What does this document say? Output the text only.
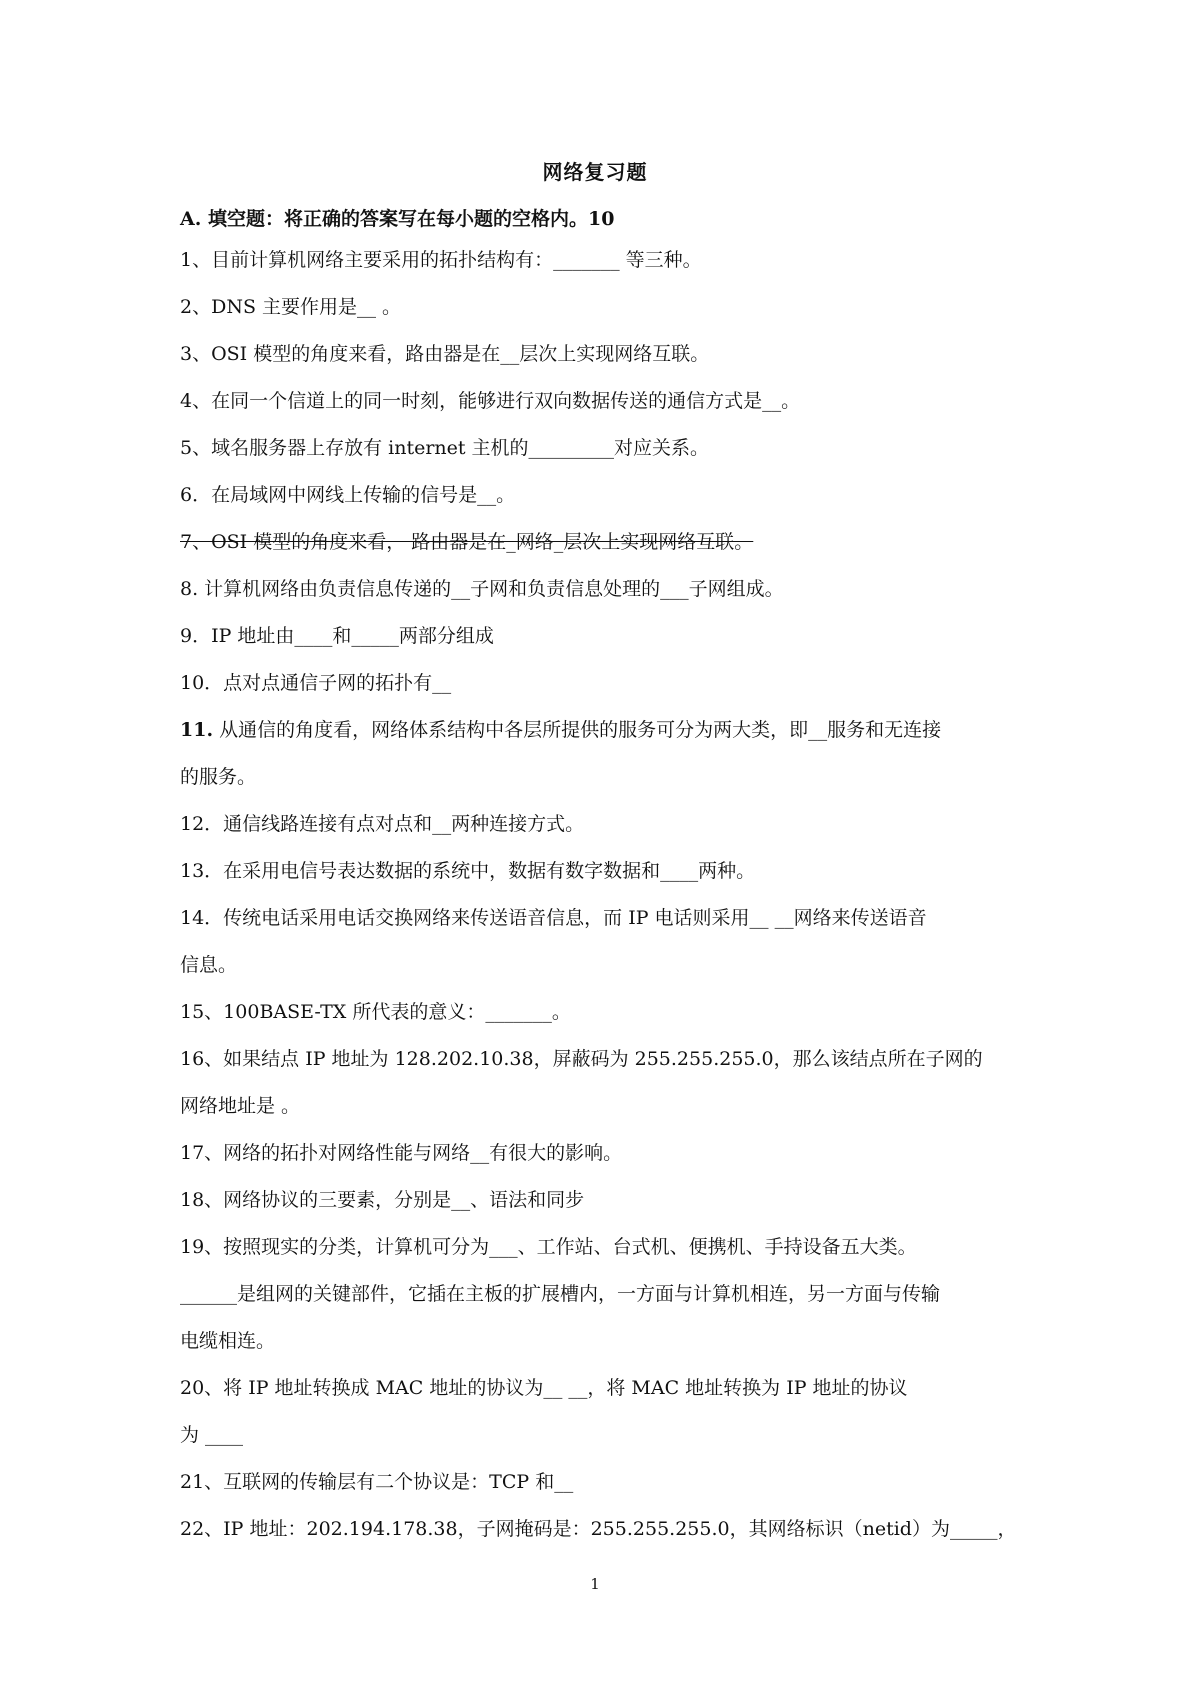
网络复习题
A. 填空题：将正确的答案写在每小题的空格内。10
1、目前计算机网络主要采用的拓扑结构有：_______ 等三种。
2、DNS 主要作用是__ 。
3、OSI 模型的角度来看，路由器是在__层次上实现网络互联。
4、在同一个信道上的同一时刻，能够进行双向数据传送的通信方式是__。
5、域名服务器上存放有 internet 主机的_________对应关系。
6．在局域网中网线上传输的信号是__。
7、OSI 模型的角度来看， 路由器是在_网络_层次上实现网络互联。
8. 计算机网络由负责信息传递的__子网和负责信息处理的___子网组成。
9．IP 地址由____和_____两部分组成
10．点对点通信子网的拓扑有__
11. 从通信的角度看，网络体系结构中各层所提供的服务可分为两大类，即__服务和无连接
的服务。
12．通信线路连接有点对点和__两种连接方式。
13．在采用电信号表达数据的系统中，数据有数字数据和____两种。
14．传统电话采用电话交换网络来传送语音信息，而 IP 电话则采用__ __网络来传送语音
信息。
15、100BASE-TX 所代表的意义：_______。
16、如果结点 IP 地址为 128.202.10.38，屏蔽码为 255.255.255.0，那么该结点所在子网的
网络地址是 。
17、网络的拓扑对网络性能与网络__有很大的影响。
18、网络协议的三要素，分别是__、语法和同步
19、按照现实的分类，计算机可分为___、工作站、台式机、便携机、手持设备五大类。
______是组网的关键部件，它插在主板的扩展槽内，一方面与计算机相连，另一方面与传输
电缆相连。
20、将 IP 地址转换成 MAC 地址的协议为__ __，将 MAC 地址转换为 IP 地址的协议
为 ____
21、互联网的传输层有二个协议是：TCP 和__
22、IP 地址：202.194.178.38，子网掩码是：255.255.255.0，其网络标识（netid）为_____，
1
